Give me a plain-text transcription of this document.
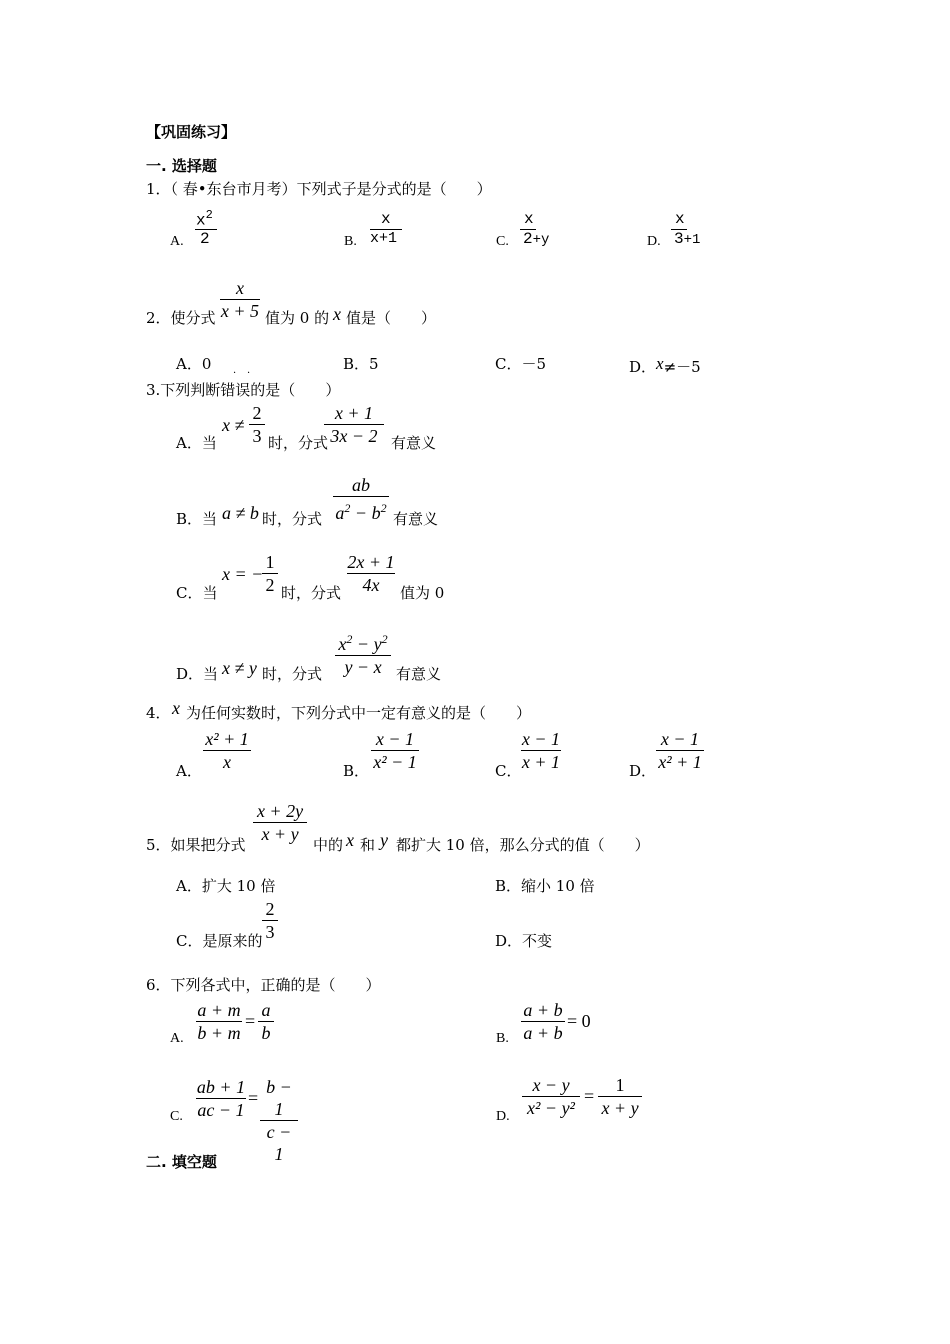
【巩固练习】
一. 选择题
1．（ 春•东台市月考）下列式子是分式的是（　　）
A.
$x^2$
2	B.
x
x+1	C.
x
2+y	D.
x
3+1
2．使分式
x
x + 5 值为 0 的 x 值是（　　）
A．0	B．5	C．－5	D．x≠－5
· ·
3.下列判断错误的是（　　）
A．当
x ≠
2
3 时，分式
x + 1
3x − 2 有意义
B．当 a ≠ b 时，分式
ab
$a^2 - b^2$
有意义
C．当
x = −
1
2 时，分式
2x + 1
4x	值为 0
D．当 x ≠ y 时，分式
$x^2 - y^2$
y − x 有意义
4． x 为任何实数时，下列分式中一定有意义的是（　　）
A．
x² + 1
x	B．
x − 1
x² − 1	C．
x − 1
x + 1	D．
x − 1
x² + 1
5．如果把分式
x + 2y
x + y
中的 x 和 y 都扩大 10 倍，那么分式的值（　　）
A．扩大 10 倍	B．缩小 10 倍
C．是原来的
2
3	D．不变
6．下列各式中，正确的是（　　）
A.
a + m
b + m
=
a
b	B.
a + b
a + b
= 0
C.
ab + 1
ac − 1
=
b − 1
c − 1
D.
x − y
x² − y²
=
1
x + y
二. 填空题
